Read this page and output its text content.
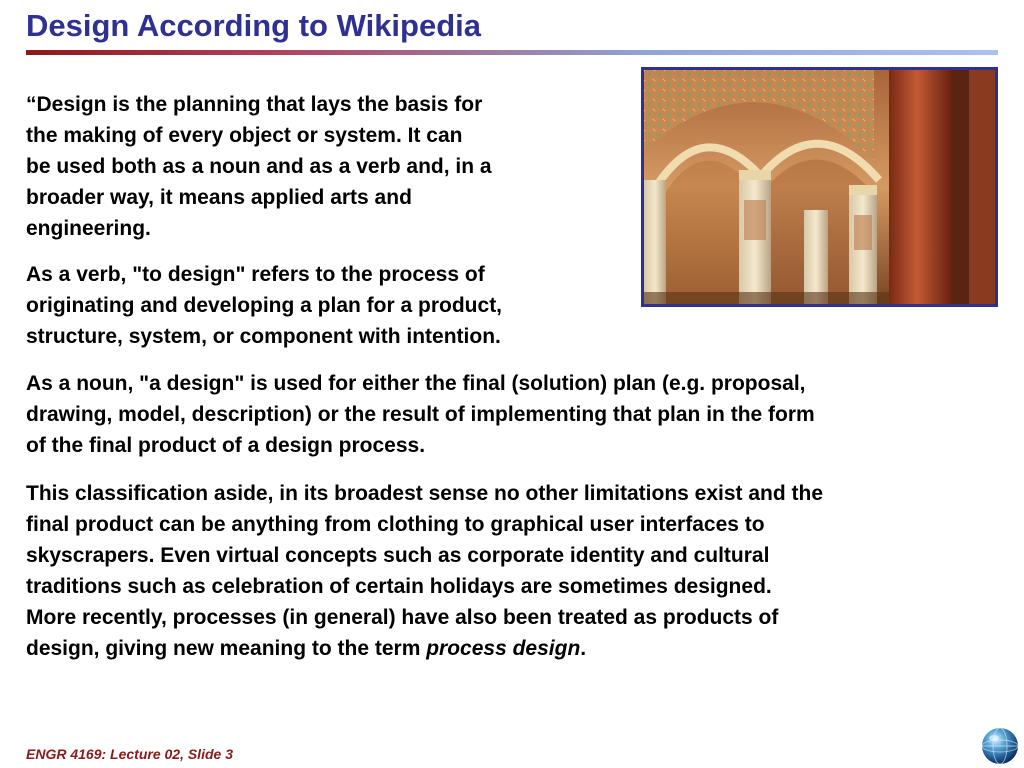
Design According to Wikipedia

“Design is the planning that lays the basis for
the making of every object or system. It can
be used both as a noun and as a verb and, in a
broader way, it means applied arts and
engineering.

As a verb, "to design" refers to the process of
originating and developing a plan for a product,
structure, system, or component with intention.

As a noun, "a design" is used for either the final (solution) plan (e.g. proposal,
drawing, model, description) or the result of implementing that plan in the form
of the final product of a design process.

This classification aside, in its broadest sense no other limitations exist and the
final product can be anything from clothing to graphical user interfaces to
skyscrapers. Even virtual concepts such as corporate identity and cultural
traditions such as celebration of certain holidays are sometimes designed.
More recently, processes (in general) have also been treated as products of
design, giving new meaning to the term process design.

ENGR 4169: Lecture 02, Slide 3
